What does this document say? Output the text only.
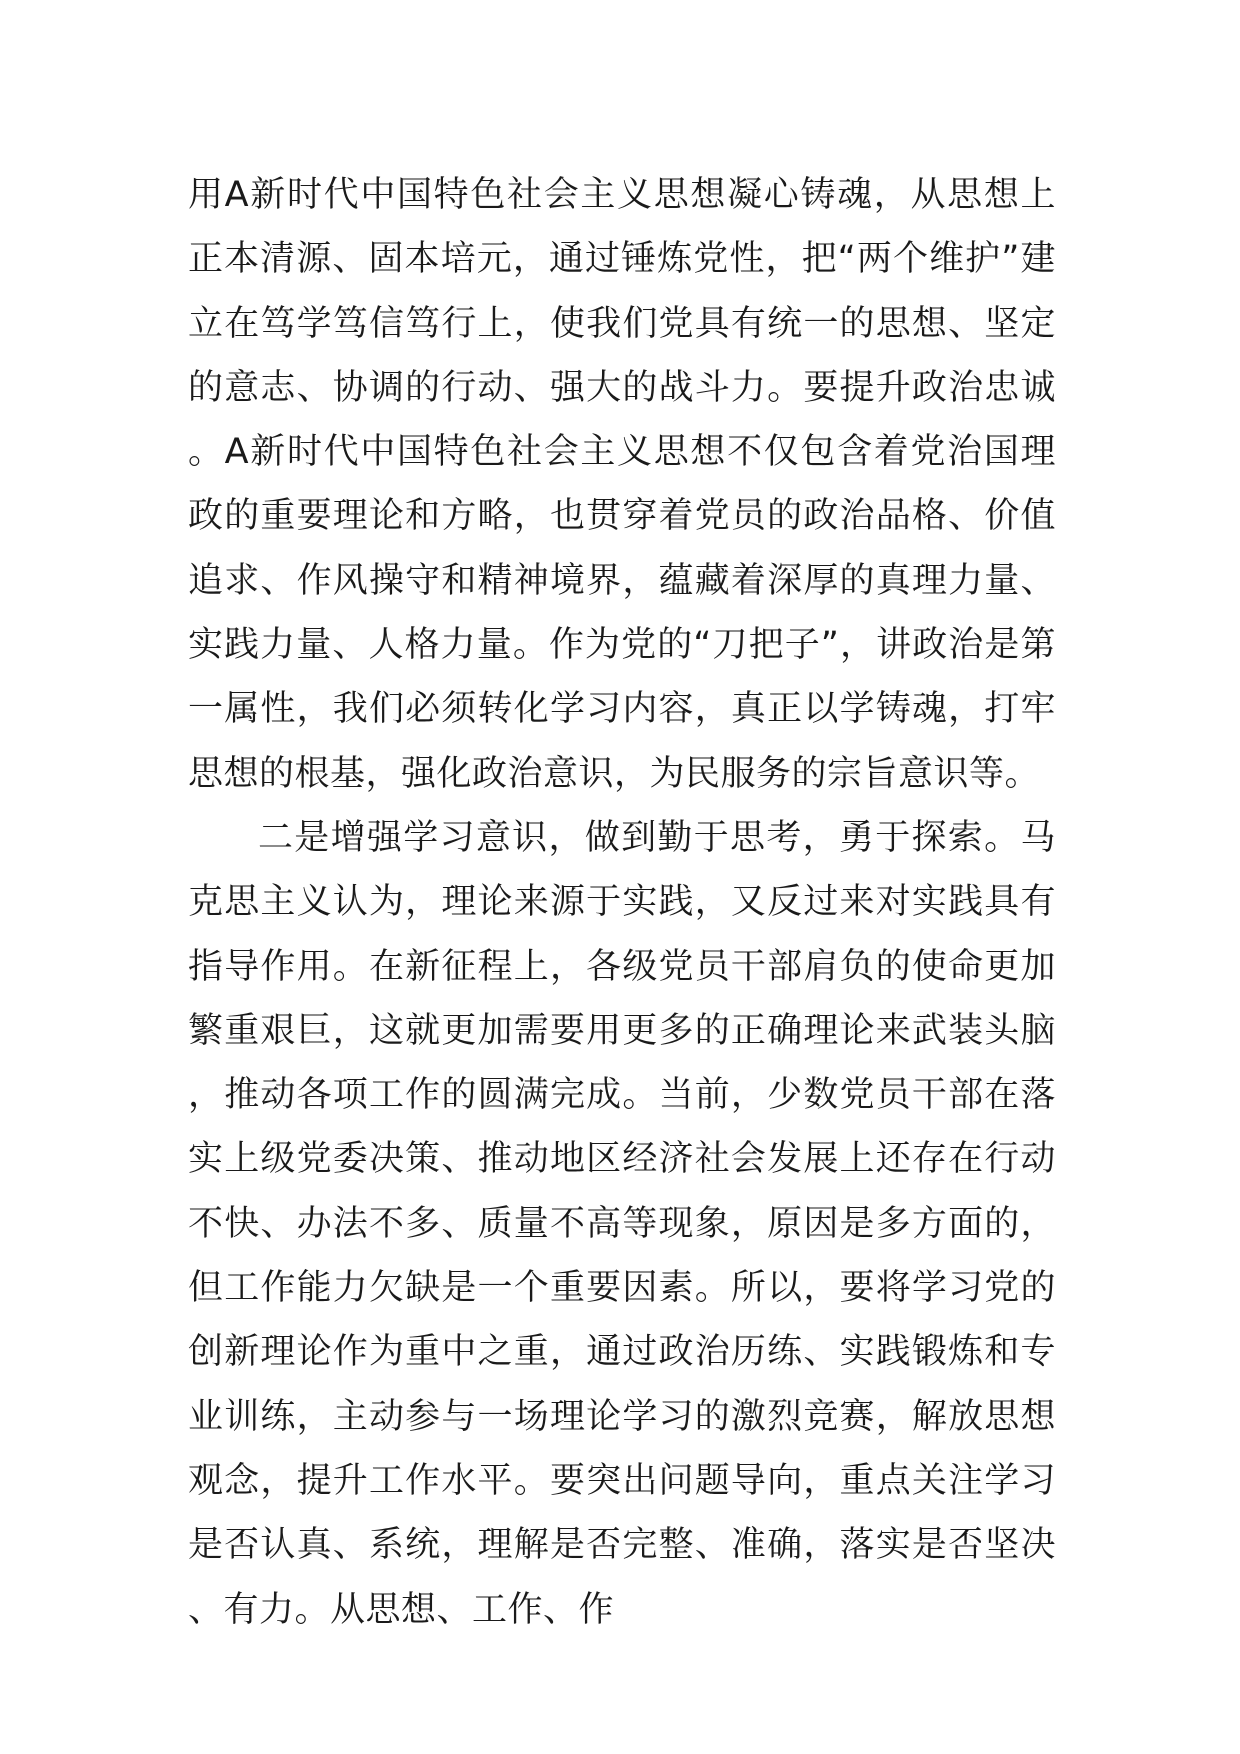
用A新时代中国特色社会主义思想凝心铸魂，从思想上正本清源、固本培元，通过锤炼党性，把“两个维护”建立在笃学笃信笃行上，使我们党具有统一的思想、坚定的意志、协调的行动、强大的战斗力。要提升政治忠诚。A新时代中国特色社会主义思想不仅包含着党治国理政的重要理论和方略，也贯穿着党员的政治品格、价值追求、作风操守和精神境界，蕴藏着深厚的真理力量、实践力量、人格力量。作为党的“刀把子”，讲政治是第一属性，我们必须转化学习内容，真正以学铸魂，打牢思想的根基，强化政治意识，为民服务的宗旨意识等。

二是增强学习意识，做到勤于思考，勇于探索。马克思主义认为，理论来源于实践，又反过来对实践具有指导作用。在新征程上，各级党员干部肩负的使命更加繁重艰巨，这就更加需要用更多的正确理论来武装头脑，推动各项工作的圆满完成。当前，少数党员干部在落实上级党委决策、推动地区经济社会发展上还存在行动不快、办法不多、质量不高等现象，原因是多方面的，但工作能力欠缺是一个重要因素。所以，要将学习党的创新理论作为重中之重，通过政治历练、实践锻炼和专业训练，主动参与一场理论学习的激烈竞赛，解放思想观念，提升工作水平。要突出问题导向，重点关注学习是否认真、系统，理解是否完整、准确，落实是否坚决、有力。从思想、工作、作
